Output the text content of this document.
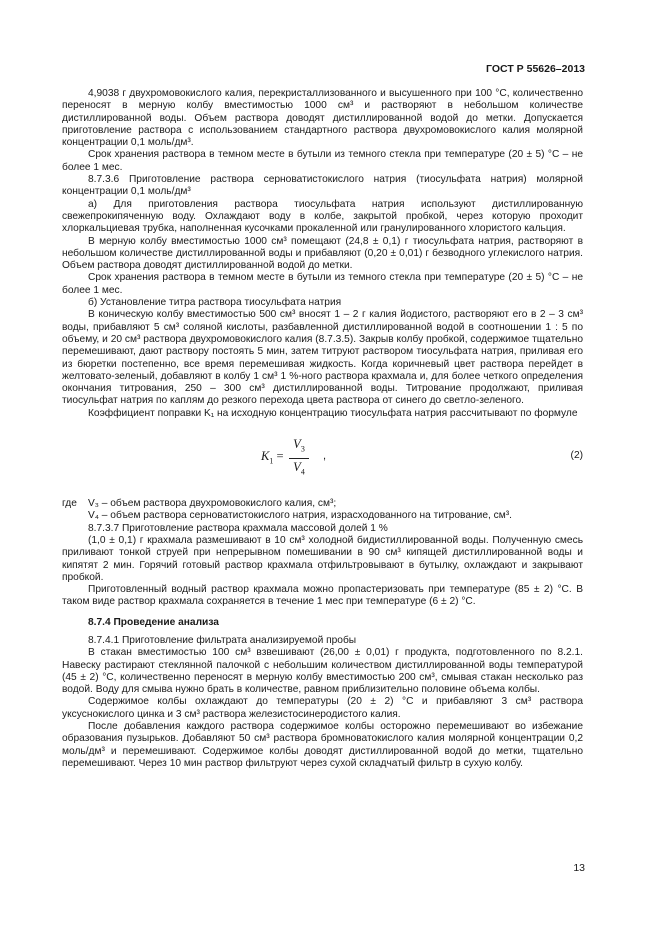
ГОСТ Р 55626–2013

4,9038 г двухромовокислого калия, перекристаллизованного и высушенного при 100 °С, количественно переносят в мерную колбу вместимостью 1000 см³ и растворяют в небольшом количестве дистиллированной воды. Объем раствора доводят дистиллированной водой до метки. Допускается приготовление раствора с использованием стандартного раствора двухромовокислого калия молярной концентрации 0,1 моль/дм³.

Срок хранения раствора в темном месте в бутыли из темного стекла при температуре (20 ± 5) °С – не более 1 мес.

8.7.3.6 Приготовление раствора серноватистокислого натрия (тиосульфата натрия) молярной концентрации 0,1 моль/дм³

а) Для приготовления раствора тиосульфата натрия используют дистиллированную свежепрокипяченную воду. Охлаждают воду в колбе, закрытой пробкой, через которую проходит хлоркальциевая трубка, наполненная кусочками прокаленной или гранулированного хлористого кальция.

В мерную колбу вместимостью 1000 см³ помещают (24,8 ± 0,1) г тиосульфата натрия, растворяют в небольшом количестве дистиллированной воды и прибавляют (0,20 ± 0,01) г безводного углекислого натрия. Объем раствора доводят дистиллированной водой до метки.

Срок хранения раствора в темном месте в бутыли из темного стекла при температуре (20 ± 5) °С – не более 1 мес.

б) Установление титра раствора тиосульфата натрия

В коническую колбу вместимостью 500 см³ вносят 1 – 2 г калия йодистого, растворяют его в 2 – 3 см³ воды, прибавляют 5 см³ соляной кислоты, разбавленной дистиллированной водой в соотношении 1 : 5 по объему, и 20 см³ раствора двухромовокислого калия (8.7.3.5). Закрыв колбу пробкой, содержимое тщательно перемешивают, дают раствору постоять 5 мин, затем титруют раствором тиосульфата натрия, приливая его из бюретки постепенно, все время перемешивая жидкость. Когда коричневый цвет раствора перейдет в желтовато-зеленый, добавляют в колбу 1 см³ 1 %-ного раствора крахмала и, для более четкого определения окончания титрования, 250 – 300 см³ дистиллированной воды. Титрование продолжают, приливая тиосульфат натрия по каплям до резкого перехода цвета раствора от синего до светло-зеленого.

Коэффициент поправки K₁ на исходную концентрацию тиосульфата натрия рассчитывают по формуле

$K_1$ =
$V_3$
$V_4$
,	(2)
где	V₃ – объем раствора двухромовокислого калия, см³;

V₄ – объем раствора серноватистокислого натрия, израсходованного на титрование, см³.

8.7.3.7 Приготовление раствора крахмала массовой долей 1 %

(1,0 ± 0,1) г крахмала размешивают в 10 см³ холодной бидистиллированной воды. Полученную смесь приливают тонкой струей при непрерывном помешивании в 90 см³ кипящей дистиллированной воды и кипятят 2 мин. Горячий готовый раствор крахмала отфильтровывают в бутылку, охлаждают и закрывают пробкой.

Приготовленный водный раствор крахмала можно пропастеризовать при температуре (85 ± 2) °С. В таком виде раствор крахмала сохраняется в течение 1 мес при температуре (6 ± 2) °С.

8.7.4 Проведение анализа

8.7.4.1 Приготовление фильтрата анализируемой пробы

В стакан вместимостью 100 см³ взвешивают (26,00 ± 0,01) г продукта, подготовленного по 8.2.1. Навеску растирают стеклянной палочкой с небольшим количеством дистиллированной воды температурой (45 ± 2) °С, количественно переносят в мерную колбу вместимостью 200 см³, смывая стакан несколько раз водой. Воду для смыва нужно брать в количестве, равном приблизительно половине объема колбы.

Содержимое колбы охлаждают до температуры (20 ± 2) °С и прибавляют 3 см³ раствора уксуснокислого цинка и 3 см³ раствора железистосинеродистого калия.

После добавления каждого раствора содержимое колбы осторожно перемешивают во избежание образования пузырьков. Добавляют 50 см³ раствора бромноватокислого калия молярной концентрации 0,2 моль/дм³ и перемешивают. Содержимое колбы доводят дистиллированной водой до метки, тщательно перемешивают. Через 10 мин раствор фильтруют через сухой складчатый фильтр в сухую колбу.

13
